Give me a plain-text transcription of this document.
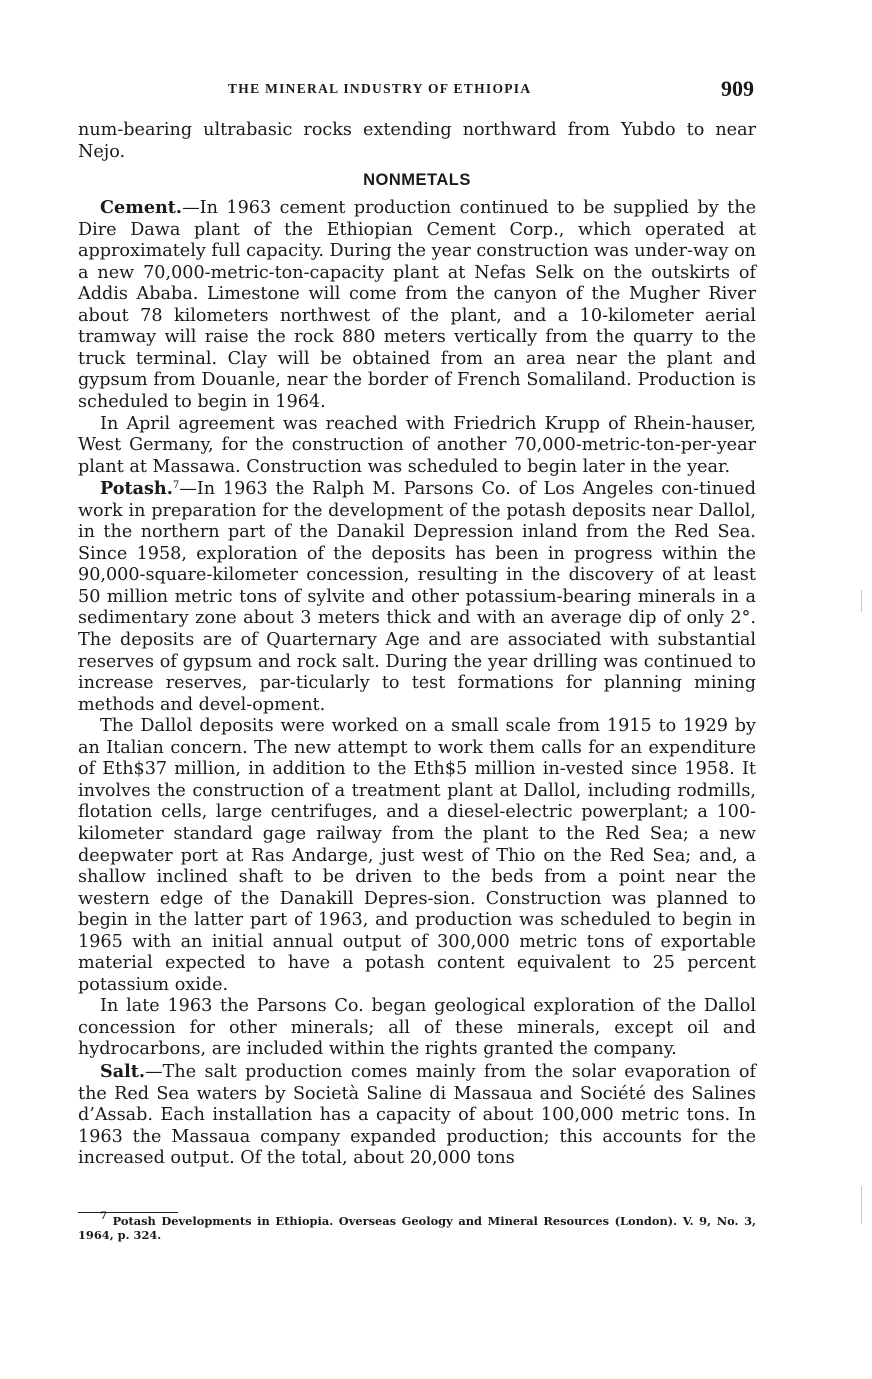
THE MINERAL INDUSTRY OF ETHIOPIA	909

num-bearing ultrabasic rocks extending northward from Yubdo to near Nejo.

NONMETALS

Cement.—In 1963 cement production continued to be supplied by the Dire Dawa plant of the Ethiopian Cement Corp., which operated at approximately full capacity. During the year construction was under-way on a new 70,000-metric-ton-capacity plant at Nefas Selk on the outskirts of Addis Ababa. Limestone will come from the canyon of the Mugher River about 78 kilometers northwest of the plant, and a 10-kilometer aerial tramway will raise the rock 880 meters vertically from the quarry to the truck terminal. Clay will be obtained from an area near the plant and gypsum from Douanle, near the border of French Somaliland. Production is scheduled to begin in 1964.

In April agreement was reached with Friedrich Krupp of Rhein-hauser, West Germany, for the construction of another 70,000-metric-ton-per-year plant at Massawa. Construction was scheduled to begin later in the year.

Potash.$^7$—In 1963 the Ralph M. Parsons Co. of Los Angeles con-tinued work in preparation for the development of the potash deposits near Dallol, in the northern part of the Danakil Depression inland from the Red Sea. Since 1958, exploration of the deposits has been in progress within the 90,000-square-kilometer concession, resulting in the discovery of at least 50 million metric tons of sylvite and other potassium-bearing minerals in a sedimentary zone about 3 meters thick and with an average dip of only 2°. The deposits are of Quarternary Age and are associated with substantial reserves of gypsum and rock salt. During the year drilling was continued to increase reserves, par-ticularly to test formations for planning mining methods and devel-opment.

The Dallol deposits were worked on a small scale from 1915 to 1929 by an Italian concern. The new attempt to work them calls for an expenditure of Eth$37 million, in addition to the Eth$5 million in-vested since 1958. It involves the construction of a treatment plant at Dallol, including rodmills, flotation cells, large centrifuges, and a diesel-electric powerplant; a 100-kilometer standard gage railway from the plant to the Red Sea; a new deepwater port at Ras Andarge, just west of Thio on the Red Sea; and, a shallow inclined shaft to be driven to the beds from a point near the western edge of the Danakill Depres-sion. Construction was planned to begin in the latter part of 1963, and production was scheduled to begin in 1965 with an initial annual output of 300,000 metric tons of exportable material expected to have a potash content equivalent to 25 percent potassium oxide.

In late 1963 the Parsons Co. began geological exploration of the Dallol concession for other minerals; all of these minerals, except oil and hydrocarbons, are included within the rights granted the company.

Salt.—The salt production comes mainly from the solar evaporation of the Red Sea waters by Società Saline di Massaua and Société des Salines d’Assab. Each installation has a capacity of about 100,000 metric tons. In 1963 the Massaua company expanded production; this accounts for the increased output. Of the total, about 20,000 tons

$^7$ Potash Developments in Ethiopia. Overseas Geology and Mineral Resources (London). V. 9, No. 3, 1964, p. 324.
